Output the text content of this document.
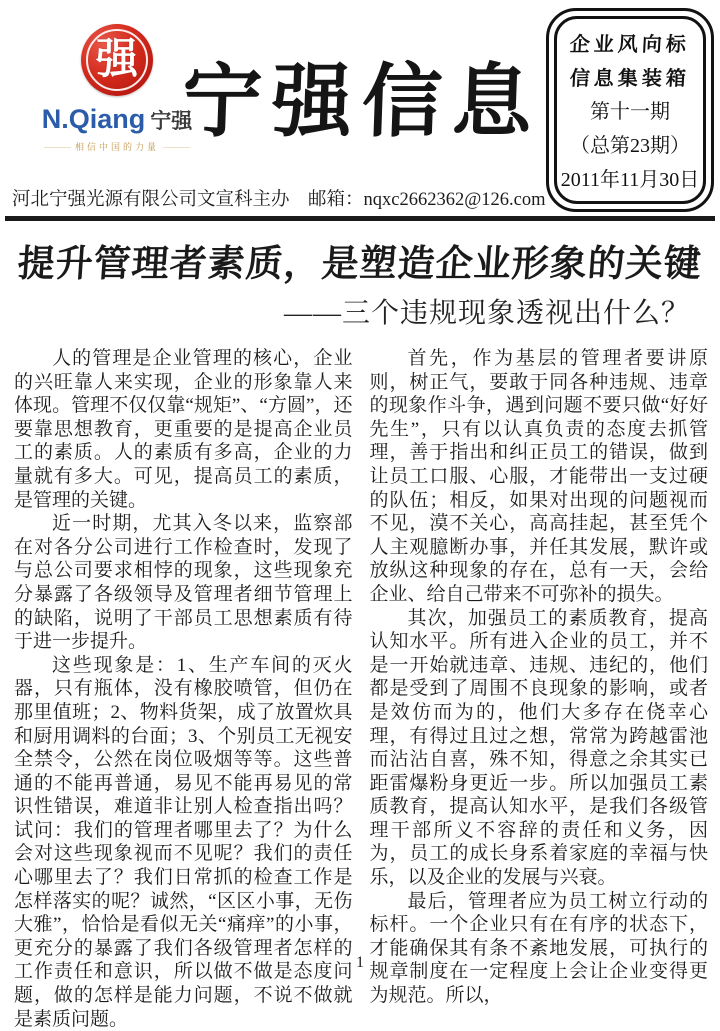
强
N.Qiang 宁强
——— 相信中国的力量 ——— 宁强信息
企业风向标
信息集装箱
第十一期
（总第23期）
2011年11月30日
河北宁强光源有限公司文宣科主办　邮箱：nqxc2662362@126.com
提升管理者素质，是塑造企业形象的关键
——三个违规现象透视出什么？

人的管理是企业管理的核心，企业的兴旺靠人来实现，企业的形象靠人来体现。管理不仅仅靠“规矩”、“方圆”，还要靠思想教育，更重要的是提高企业员工的素质。人的素质有多高，企业的力量就有多大。可见，提高员工的素质，是管理的关键。

近一时期，尤其入冬以来，监察部在对各分公司进行工作检查时，发现了与总公司要求相悖的现象，这些现象充分暴露了各级领导及管理者细节管理上的缺陷，说明了干部员工思想素质有待于进一步提升。

这些现象是：1、生产车间的灭火器，只有瓶体，没有橡胶喷管，但仍在那里值班；2、物料货架，成了放置炊具和厨用调料的台面；3、个别员工无视安全禁令，公然在岗位吸烟等等。这些普通的不能再普通，易见不能再易见的常识性错误，难道非让别人检查指出吗？试问：我们的管理者哪里去了？为什么会对这些现象视而不见呢？我们的责任心哪里去了？我们日常抓的检查工作是怎样落实的呢？诚然，“区区小事，无伤大雅”，恰恰是看似无关“痛痒”的小事，更充分的暴露了我们各级管理者怎样的工作责任和意识，所以做不做是态度问题，做的怎样是能力问题，不说不做就是素质问题。

首先，作为基层的管理者要讲原则，树正气，要敢于同各种违规、违章的现象作斗争，遇到问题不要只做“好好先生”，只有以认真负责的态度去抓管理，善于指出和纠正员工的错误，做到让员工口服、心服，才能带出一支过硬的队伍；相反，如果对出现的问题视而不见，漠不关心，高高挂起，甚至凭个人主观臆断办事，并任其发展，默许或放纵这种现象的存在，总有一天，会给企业、给自己带来不可弥补的损失。

其次，加强员工的素质教育，提高认知水平。所有进入企业的员工，并不是一开始就违章、违规、违纪的，他们都是受到了周围不良现象的影响，或者是效仿而为的，他们大多存在侥幸心理，有得过且过之想，常常为跨越雷池而沾沾自喜，殊不知，得意之余其实已距雷爆粉身更近一步。所以加强员工素质教育，提高认知水平，是我们各级管理干部所义不容辞的责任和义务，因为，员工的成长身系着家庭的幸福与快乐，以及企业的发展与兴衰。

最后，管理者应为员工树立行动的标杆。一个企业只有在有序的状态下，才能确保其有条不紊地发展，可执行的规章制度在一定程度上会让企业变得更为规范。所以，

1
